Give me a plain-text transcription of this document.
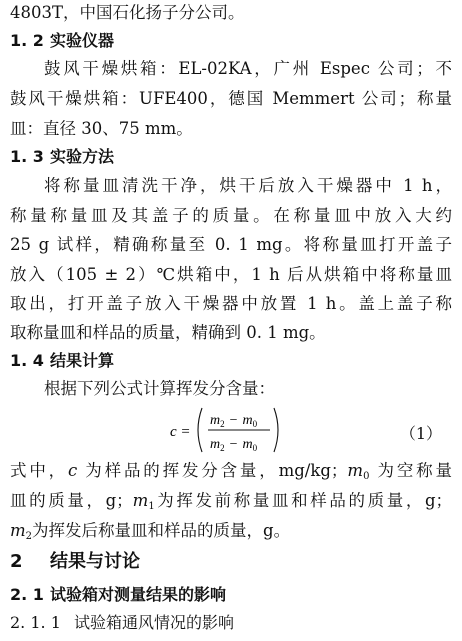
4803T，中国石化扬子分公司。
1. 2 实验仪器
鼓风干燥烘箱：EL-02KA，广州 Espec 公司；不
鼓风干燥烘箱：UFE400，德国 Memmert 公司；称量
皿：直径 30、75 mm。
1. 3 实验方法
将称量皿清洗干净，烘干后放入干燥器中 1 h，
称量称量皿及其盖子的质量。在称量皿中放入大约
25 g 试样，精确称量至 0. 1 mg。将称量皿打开盖子
放入（105 ± 2）℃烘箱中，1 h 后从烘箱中将称量皿
取出，打开盖子放入干燥器中放置 1 h。盖上盖子称
取称量皿和样品的质量，精确到 0. 1 mg。
1. 4 结果计算
根据下列公式计算挥发分含量：
c =
$m_2 - m_0$
$m_2 - m_0$
（1）
式中，c 为样品的挥发分含量，mg/kg；$m_0$ 为空称量
皿的质量，g；$m_1$为挥发前称量皿和样品的质量，g；
$m_2$为挥发后称量皿和样品的质量，g。
2 结果与讨论
2. 1 试验箱对测量结果的影响
2. 1. 1 试验箱通风情况的影响
